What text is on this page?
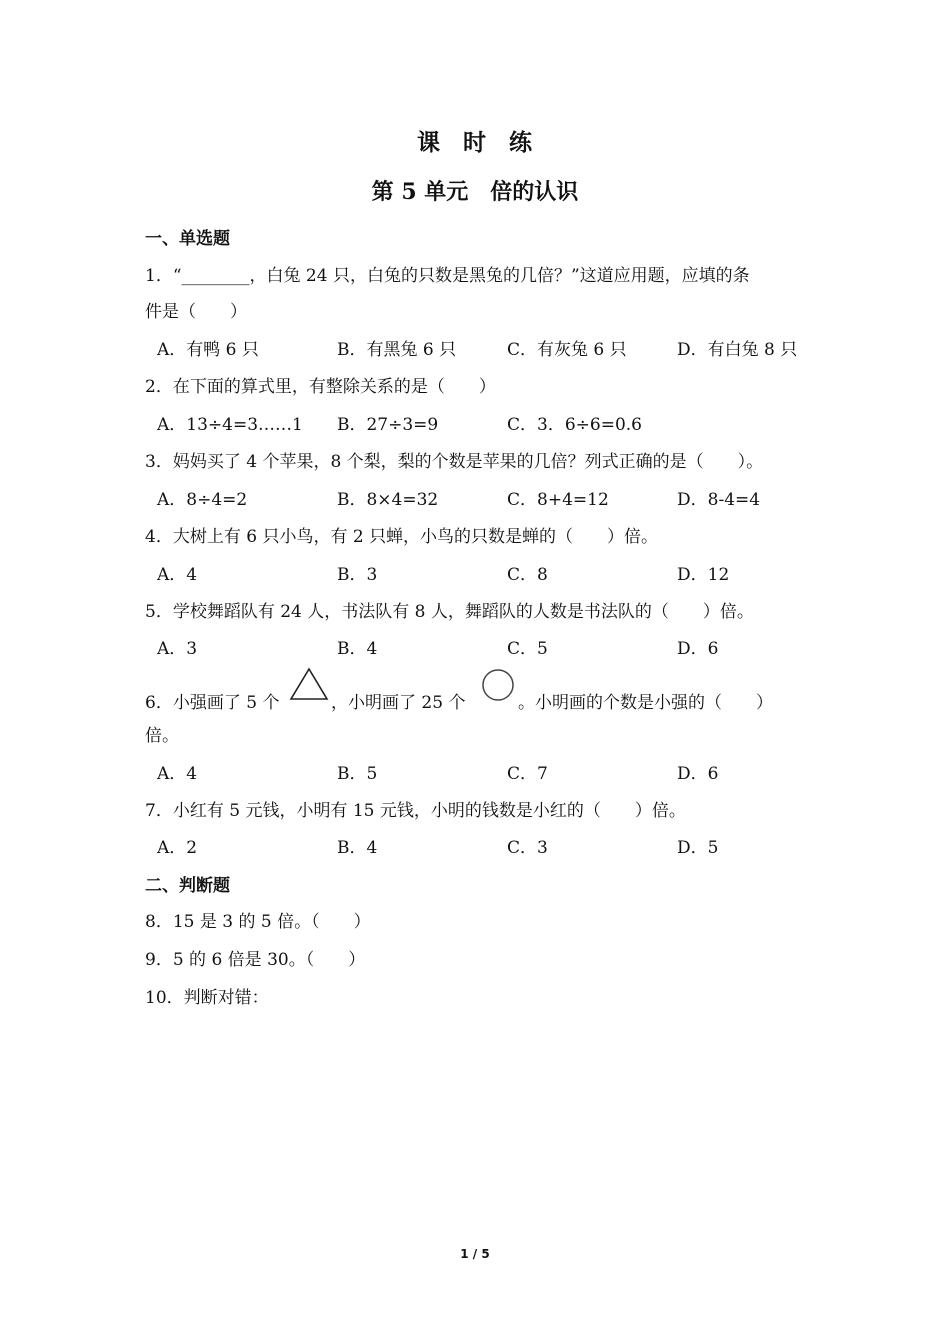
课 时 练
第 5 单元　倍的认识
一、单选题
1．“________，白兔 24 只，白兔的只数是黑兔的几倍？”这道应用题，应填的条
件是（　　）
A．有鸭 6 只	B．有黑兔 6 只	C．有灰兔 6 只	D．有白兔 8 只
2．在下面的算式里，有整除关系的是（　　）
A．13÷4=3……1 B．27÷3=9	C．3．6÷6=0.6
3．妈妈买了 4 个苹果，8 个梨，梨的个数是苹果的几倍？列式正确的是（　　）。
A．8÷4=2	B．8×4=32	C．8+4=12	D．8-4=4
4．大树上有 6 只小鸟，有 2 只蝉，小鸟的只数是蝉的（　　）倍。
A．4	B．3	C．8	D．12
5．学校舞蹈队有 24 人，书法队有 8 人，舞蹈队的人数是书法队的（　　）倍。
A．3	B．4	C．5	D．6
6．小强画了 5 个	，小明画了 25 个	。小明画的个数是小强的（　　）
倍。
A．4	B．5	C．7	D．6
7．小红有 5 元钱，小明有 15 元钱，小明的钱数是小红的（　　）倍。
A．2	B．4	C．3	D．5
二、判断题
8．15 是 3 的 5 倍。（　　）
9．5 的 6 倍是 30。（　　）
10．判断对错：
1 / 5
